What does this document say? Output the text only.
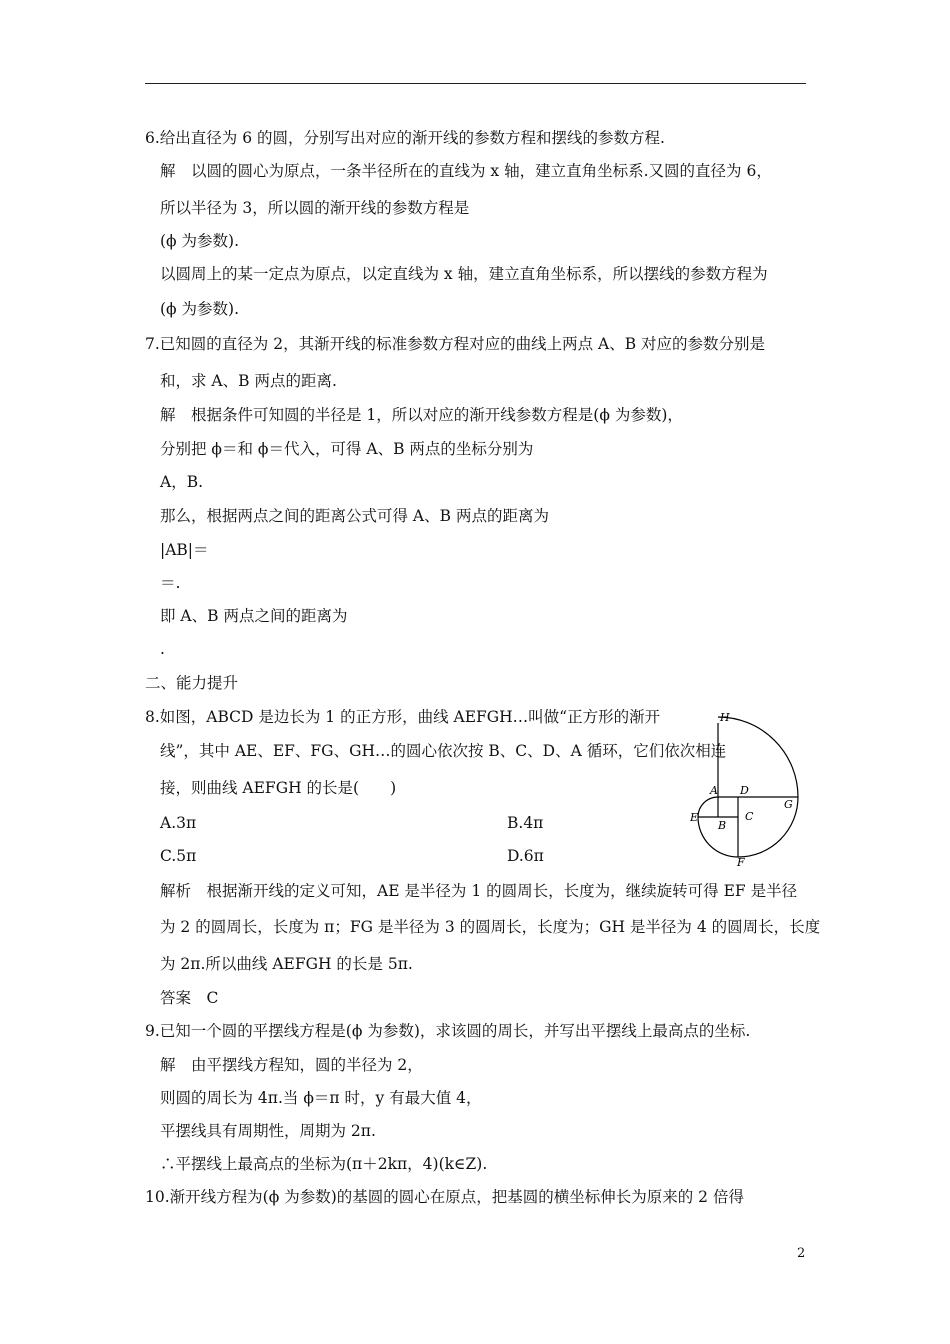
6.给出直径为 6 的圆，分别写出对应的渐开线的参数方程和摆线的参数方程.
解　以圆的圆心为原点，一条半径所在的直线为 x 轴，建立直角坐标系.又圆的直径为 6，
所以半径为 3，所以圆的渐开线的参数方程是
(ϕ 为参数).
以圆周上的某一定点为原点，以定直线为 x 轴，建立直角坐标系，所以摆线的参数方程为
(ϕ 为参数).
7.已知圆的直径为 2，其渐开线的标准参数方程对应的曲线上两点 A、B 对应的参数分别是
和，求 A、B 两点的距离.
解　根据条件可知圆的半径是 1，所以对应的渐开线参数方程是(ϕ 为参数)，
分别把 ϕ＝和 ϕ＝代入，可得 A、B 两点的坐标分别为
A，B.
那么，根据两点之间的距离公式可得 A、B 两点的距离为
|AB|＝
＝.
即 A、B 两点之间的距离为
.
二、能力提升
8.如图，ABCD 是边长为 1 的正方形，曲线 AEFGH…叫做“正方形的渐开
线”，其中 AE、EF、FG、GH…的圆心依次按 B、C、D、A 循环，它们依次相连
接，则曲线 AEFGH 的长是(　　)
A.3π	B.4π
C.5π	D.6π
解析　根据渐开线的定义可知，AE 是半径为 1 的圆周长，长度为，继续旋转可得 EF 是半径
为 2 的圆周长，长度为 π；FG 是半径为 3 的圆周长，长度为；GH 是半径为 4 的圆周长，长度
为 2π.所以曲线 AEFGH 的长是 5π.
答案　C
9.已知一个圆的平摆线方程是(ϕ 为参数)，求该圆的周长，并写出平摆线上最高点的坐标.
解　由平摆线方程知，圆的半径为 2，
则圆的周长为 4π.当 ϕ＝π 时，y 有最大值 4，
平摆线具有周期性，周期为 2π.
∴平摆线上最高点的坐标为(π＋2kπ，4)(k∈Z).
10.渐开线方程为(ϕ 为参数)的基圆的圆心在原点，把基圆的横坐标伸长为原来的 2 倍得
H
A D
G
E
B
C
F
2
